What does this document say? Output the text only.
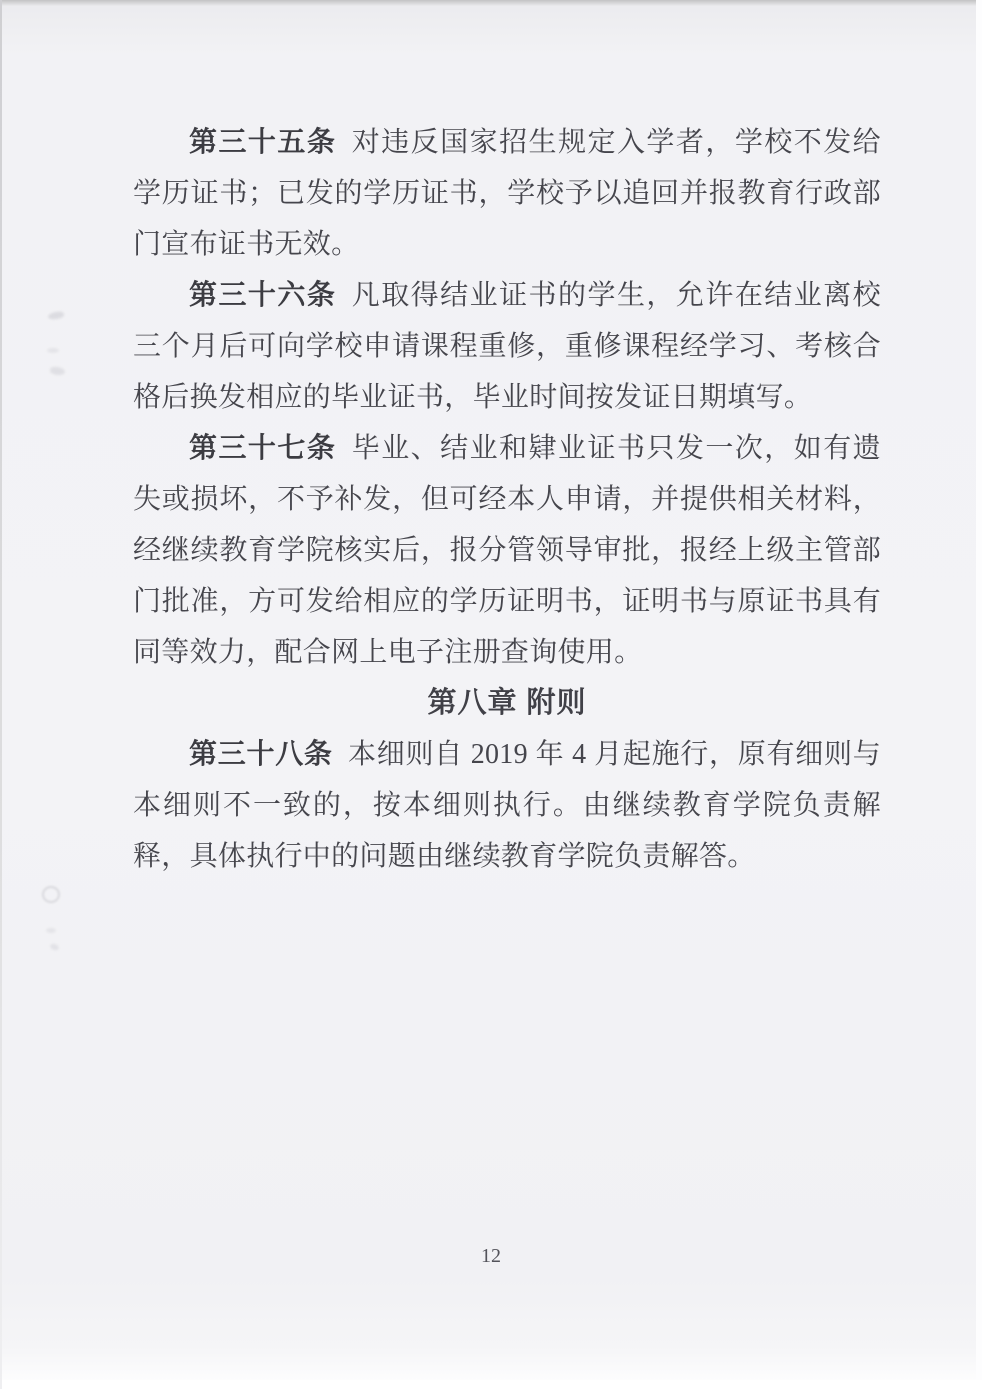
第三十五条 对违反国家招生规定入学者，学校不发给学历证书；已发的学历证书，学校予以追回并报教育行政部门宣布证书无效。

第三十六条 凡取得结业证书的学生，允许在结业离校三个月后可向学校申请课程重修，重修课程经学习、考核合格后换发相应的毕业证书，毕业时间按发证日期填写。

第三十七条 毕业、结业和肄业证书只发一次，如有遗失或损坏，不予补发，但可经本人申请，并提供相关材料，经继续教育学院核实后，报分管领导审批，报经上级主管部门批准，方可发给相应的学历证明书，证明书与原证书具有同等效力，配合网上电子注册查询使用。

第八章 附则

第三十八条 本细则自 2019 年 4 月起施行，原有细则与本细则不一致的，按本细则执行。由继续教育学院负责解释，具体执行中的问题由继续教育学院负责解答。

12
